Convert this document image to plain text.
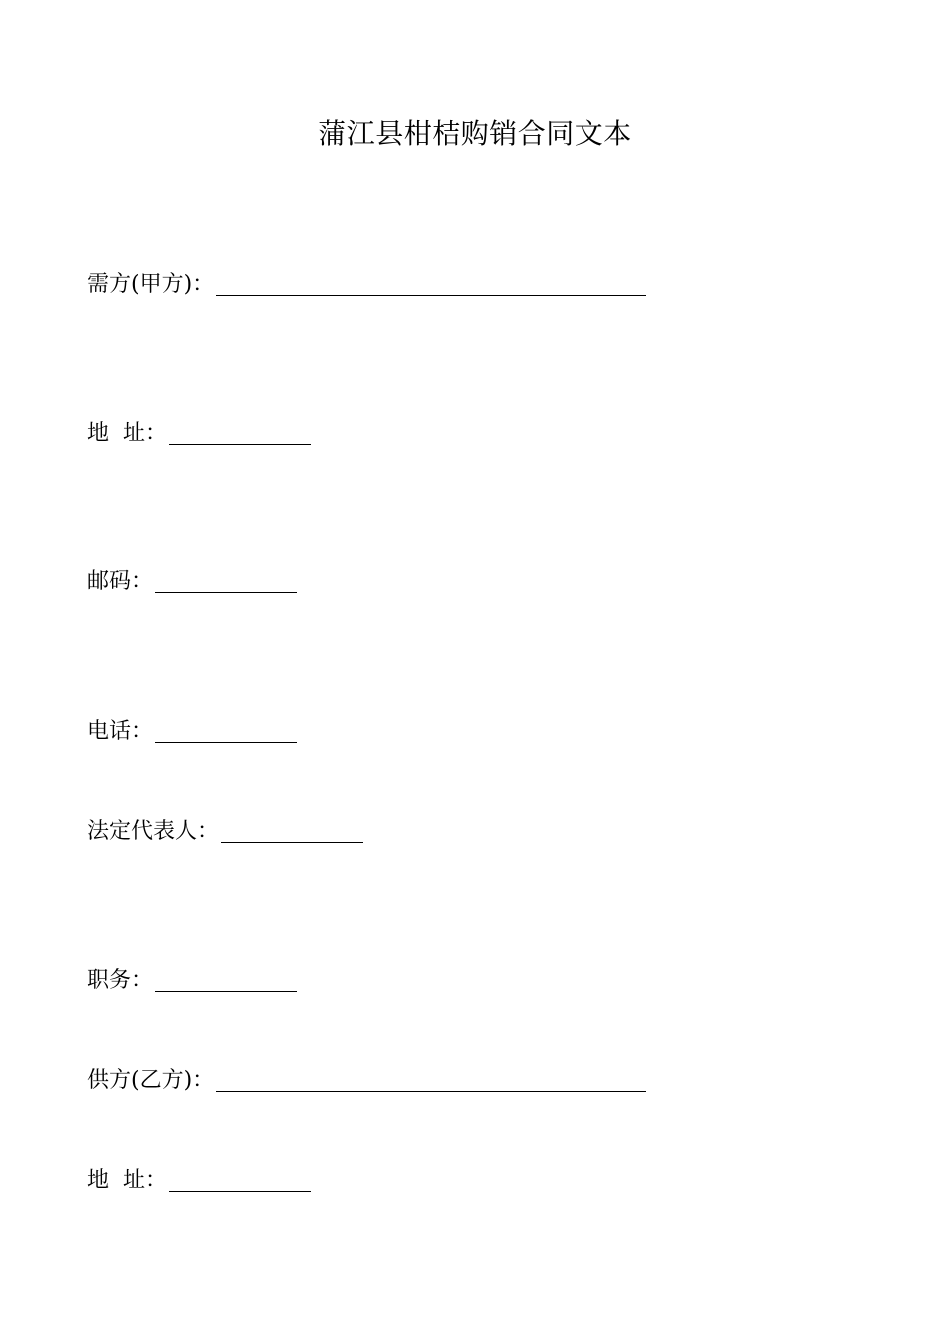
蒲江县柑桔购销合同文本
需方(甲方)：
地  址：
邮码：
电话：
法定代表人：
职务：
供方(乙方)：
地  址：
